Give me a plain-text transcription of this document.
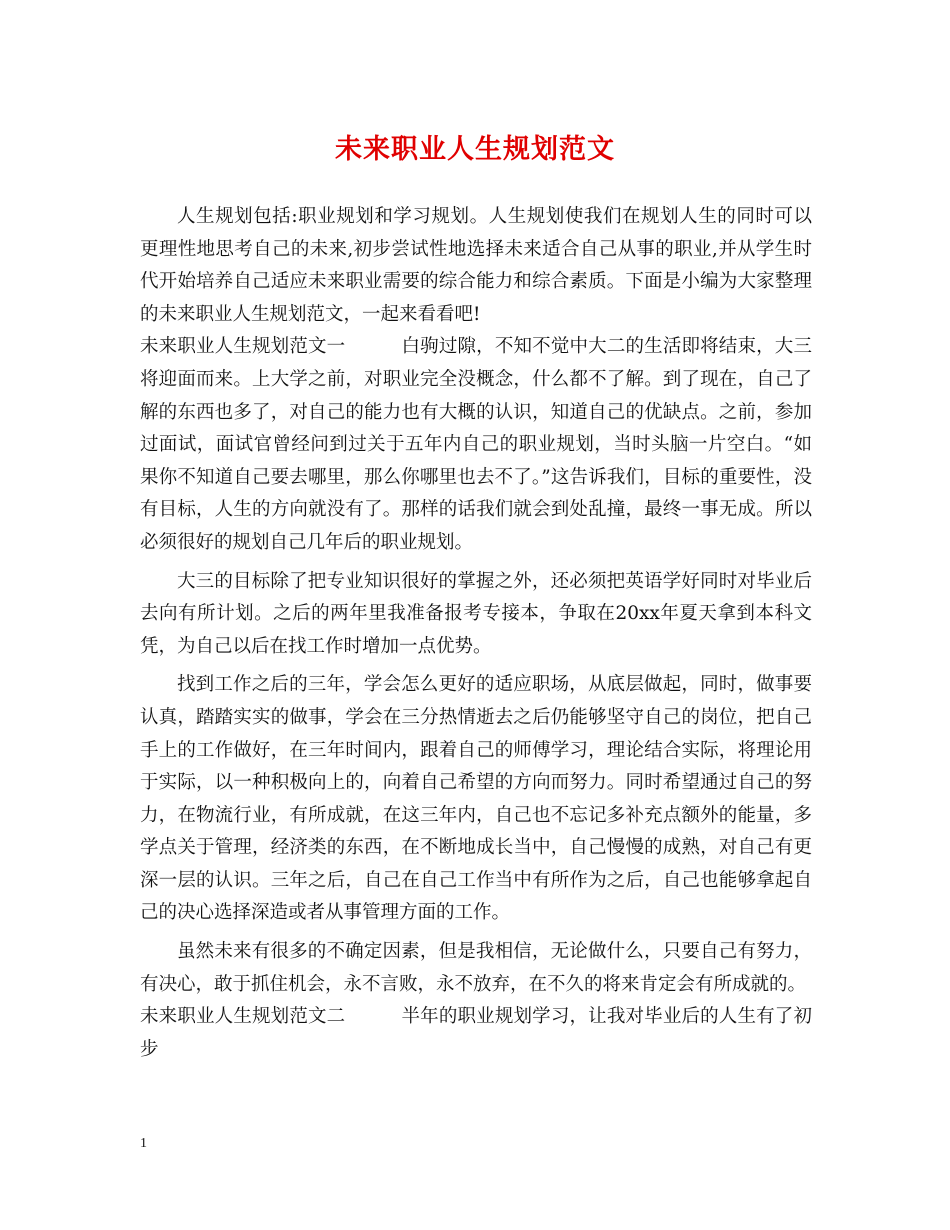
未来职业人生规划范文

人生规划包括:职业规划和学习规划。人生规划使我们在规划人生的同时可以更理性地思考自己的未来,初步尝试性地选择未来适合自己从事的职业,并从学生时代开始培养自己适应未来职业需要的综合能力和综合素质。下面是小编为大家整理的未来职业人生规划范文，一起来看看吧!

未来职业人生规划范文一	白驹过隙，不知不觉中大二的生活即将结束，大三将迎面而来。上大学之前，对职业完全没概念，什么都不了解。到了现在，自己了解的东西也多了，对自己的能力也有大概的认识，知道自己的优缺点。之前，参加过面试，面试官曾经问到过关于五年内自己的职业规划，当时头脑一片空白。“如果你不知道自己要去哪里，那么你哪里也去不了。”这告诉我们，目标的重要性，没有目标，人生的方向就没有了。那样的话我们就会到处乱撞，最终一事无成。所以必须很好的规划自己几年后的职业规划。

大三的目标除了把专业知识很好的掌握之外，还必须把英语学好同时对毕业后去向有所计划。之后的两年里我准备报考专接本，争取在20xx年夏天拿到本科文凭，为自己以后在找工作时增加一点优势。

找到工作之后的三年，学会怎么更好的适应职场，从底层做起，同时，做事要认真，踏踏实实的做事，学会在三分热情逝去之后仍能够坚守自己的岗位，把自己手上的工作做好，在三年时间内，跟着自己的师傅学习，理论结合实际，将理论用于实际，以一种积极向上的，向着自己希望的方向而努力。同时希望通过自己的努力，在物流行业，有所成就，在这三年内，自己也不忘记多补充点额外的能量，多学点关于管理，经济类的东西，在不断地成长当中，自己慢慢的成熟，对自己有更深一层的认识。三年之后，自己在自己工作当中有所作为之后，自己也能够拿起自己的决心选择深造或者从事管理方面的工作。

虽然未来有很多的不确定因素，但是我相信，无论做什么，只要自己有努力，有决心，敢于抓住机会，永不言败，永不放弃，在不久的将来肯定会有所成就的。

未来职业人生规划范文二	半年的职业规划学习，让我对毕业后的人生有了初步

1
